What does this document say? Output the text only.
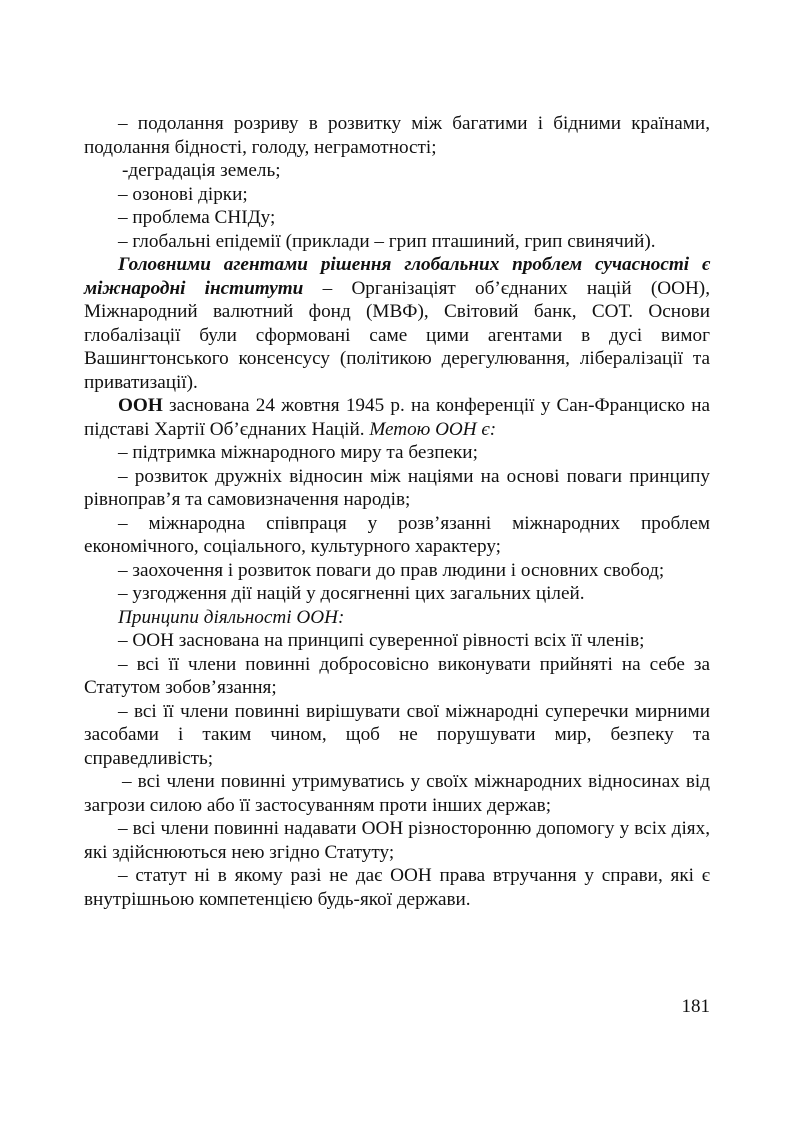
– подолання розриву в розвитку між багатими і бідними країнами, подолання бідності, голоду, неграмотності;

-деградація земель;

– озонові дірки;

– проблема СНІДу;

– глобальні епідемії (приклади – грип пташиний, грип свинячий).

Головними агентами рішення глобальних проблем сучасності є міжнародні інститути – Організаціят об’єднаних націй (ООН), Міжнародний валютний фонд (МВФ), Світовий банк, СОТ. Основи глобалізації були сформовані саме цими агентами в дусі вимог Вашингтонського консенсусу (політикою дерегулювання, лібералізації та приватизації).

ООН заснована 24 жовтня 1945 р. на конференції у Сан-Франциско на підставі Хартії Об’єднаних Націй. Метою ООН є:

– підтримка міжнародного миру та безпеки;

– розвиток дружніх відносин між націями на основі поваги принципу рівноправ’я та самовизначення народів;

– міжнародна співпраця у розв’язанні міжнародних проблем економічного, соціального, культурного характеру;

– заохочення і розвиток поваги до прав людини і основних свобод;

– узгодження дії націй у досягненні цих загальних цілей.

Принципи діяльності ООН:

– ООН заснована на принципі суверенної рівності всіх її членів;

– всі її члени повинні добросовісно виконувати прийняті на себе за Статутом зобов’язання;

– всі її члени повинні вирішувати свої міжнародні суперечки мирними засобами і таким чином, щоб не порушувати мир, безпеку та справедливість;

– всі члени повинні утримуватись у своїх міжнародних відносинах від загрози силою або її застосуванням проти інших держав;

– всі члени повинні надавати ООН різносторонню допомогу у всіх діях, які здійснюються нею згідно Статуту;

– статут ні в якому разі не дає ООН права втручання у справи, які є внутрішньою компетенцією будь-якої держави.

181
